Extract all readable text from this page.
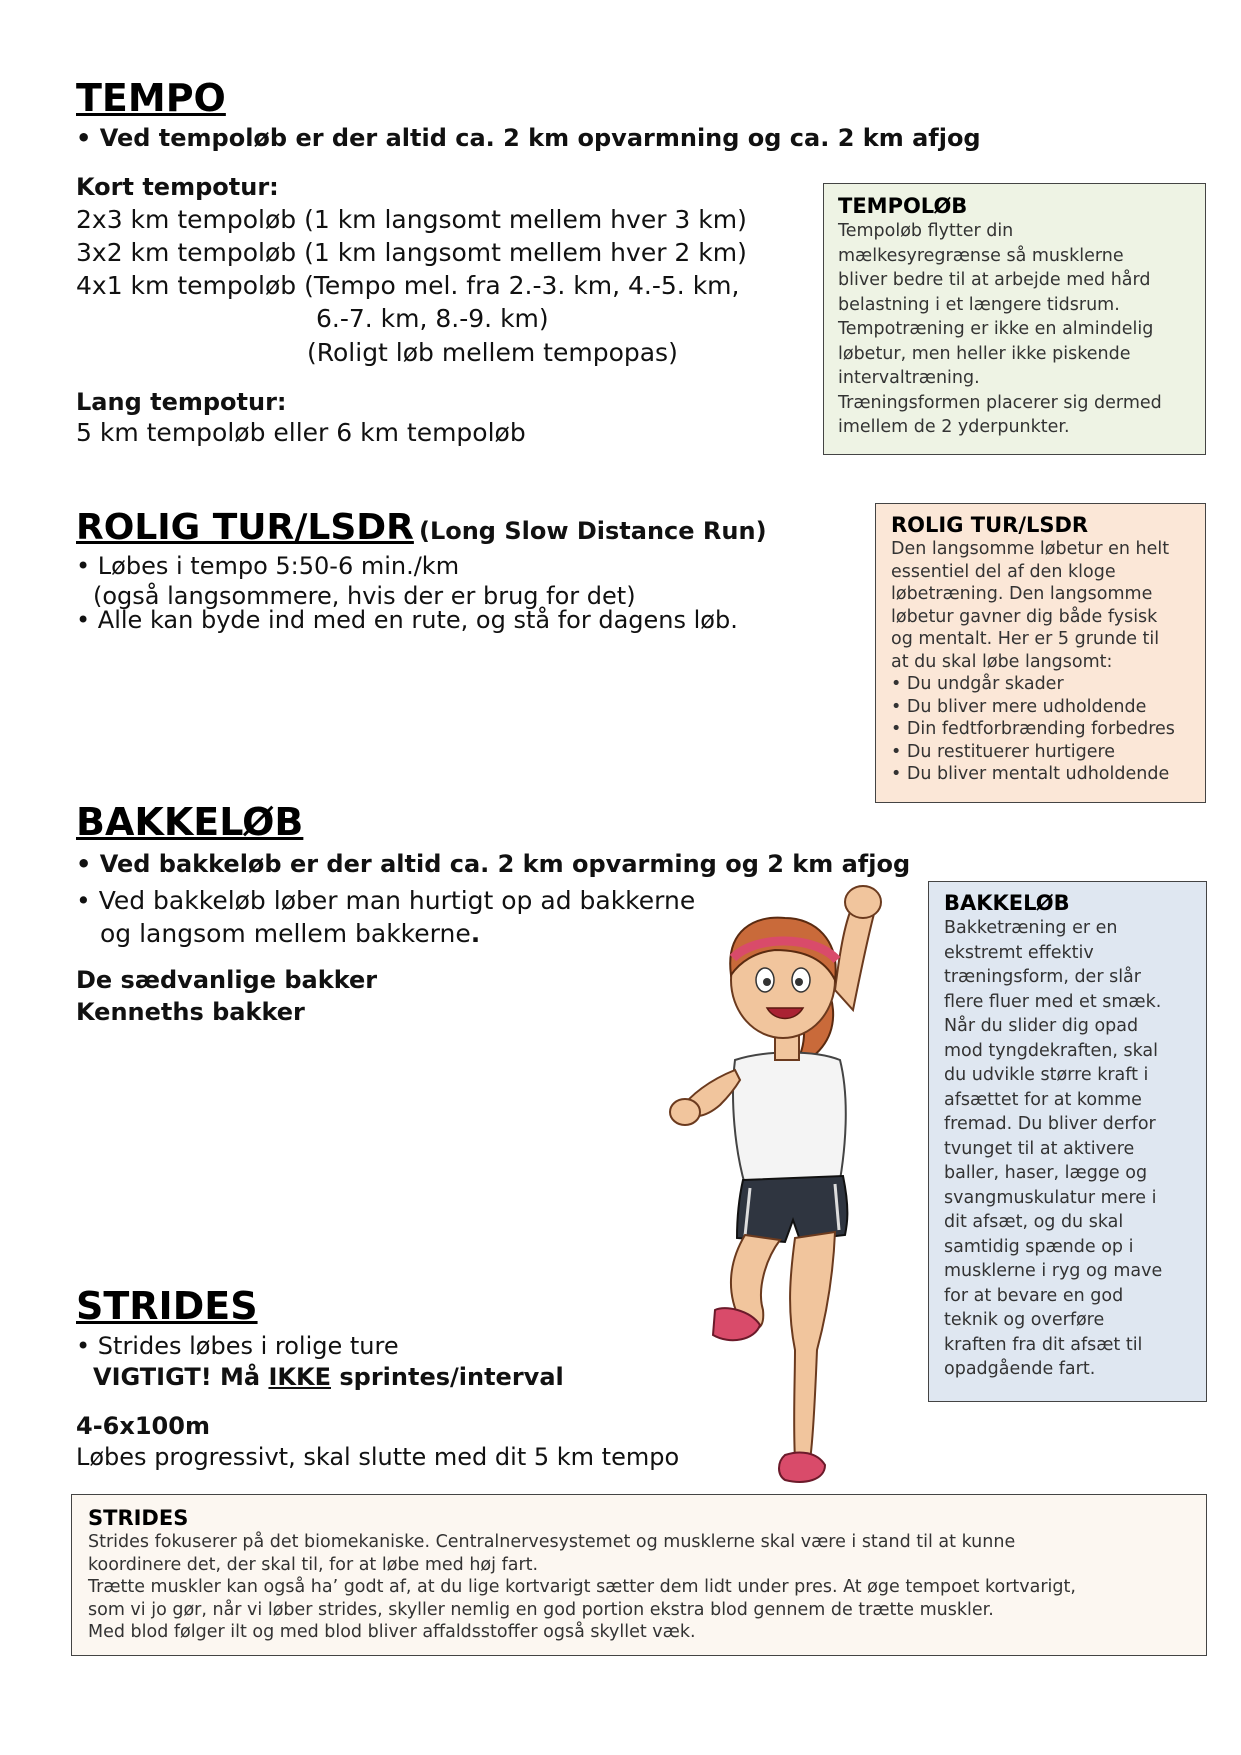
TEMPO
• Ved tempoløb er der altid ca. 2 km opvarmning og ca. 2 km afjog
Kort tempotur:
2x3 km tempoløb (1 km langsomt mellem hver 3 km)
3x2 km tempoløb (1 km langsomt mellem hver 2 km)
4x1 km tempoløb (Tempo mel. fra 2.-3. km, 4.-5. km,
6.-7. km, 8.-9. km)
(Roligt løb mellem tempopas)
Lang tempotur:
5 km tempoløb eller 6 km tempoløb
TEMPOLØB
Tempoløb flytter din
mælkesyregrænse så musklerne
bliver bedre til at arbejde med hård
belastning i et længere tidsrum.
Tempotræning er ikke en almindelig
løbetur, men heller ikke piskende
intervaltræning.
Træningsformen placerer sig dermed
imellem de 2 yderpunkter.
ROLIG TUR/LSDR (Long Slow Distance Run)
• Løbes i tempo 5:50-6 min./km
(også langsommere, hvis der er brug for det)
• Alle kan byde ind med en rute, og stå for dagens løb.
ROLIG TUR/LSDR
Den langsomme løbetur en helt
essentiel del af den kloge
løbetræning. Den langsomme
løbetur gavner dig både fysisk
og mentalt. Her er 5 grunde til
at du skal løbe langsomt:
• Du undgår skader
• Du bliver mere udholdende
• Din fedtforbrænding forbedres
• Du restituerer hurtigere
• Du bliver mentalt udholdende
BAKKELØB
• Ved bakkeløb er der altid ca. 2 km opvarming og 2 km afjog
• Ved bakkeløb løber man hurtigt op ad bakkerne
og langsom mellem bakkerne.
De sædvanlige bakker
Kenneths bakker
BAKKELØB
Bakketræning er en
ekstremt effektiv
træningsform, der slår
flere fluer med et smæk.
Når du slider dig opad
mod tyngdekraften, skal
du udvikle større kraft i
afsættet for at komme
fremad. Du bliver derfor
tvunget til at aktivere
baller, haser, lægge og
svangmuskulatur mere i
dit afsæt, og du skal
samtidig spænde op i
musklerne i ryg og mave
for at bevare en god
teknik og overføre
kraften fra dit afsæt til
opadgående fart.
STRIDES
• Strides løbes i rolige ture
VIGTIGT! Må IKKE sprintes/interval
4-6x100m
Løbes progressivt, skal slutte med dit 5 km tempo
STRIDES
Strides fokuserer på det biomekaniske. Centralnervesystemet og musklerne skal være i stand til at kunne
koordinere det, der skal til, for at løbe med høj fart.
Trætte muskler kan også ha’ godt af, at du lige kortvarigt sætter dem lidt under pres. At øge tempoet kortvarigt,
som vi jo gør, når vi løber strides, skyller nemlig en god portion ekstra blod gennem de trætte muskler.
Med blod følger ilt og med blod bliver affaldsstoffer også skyllet væk.
